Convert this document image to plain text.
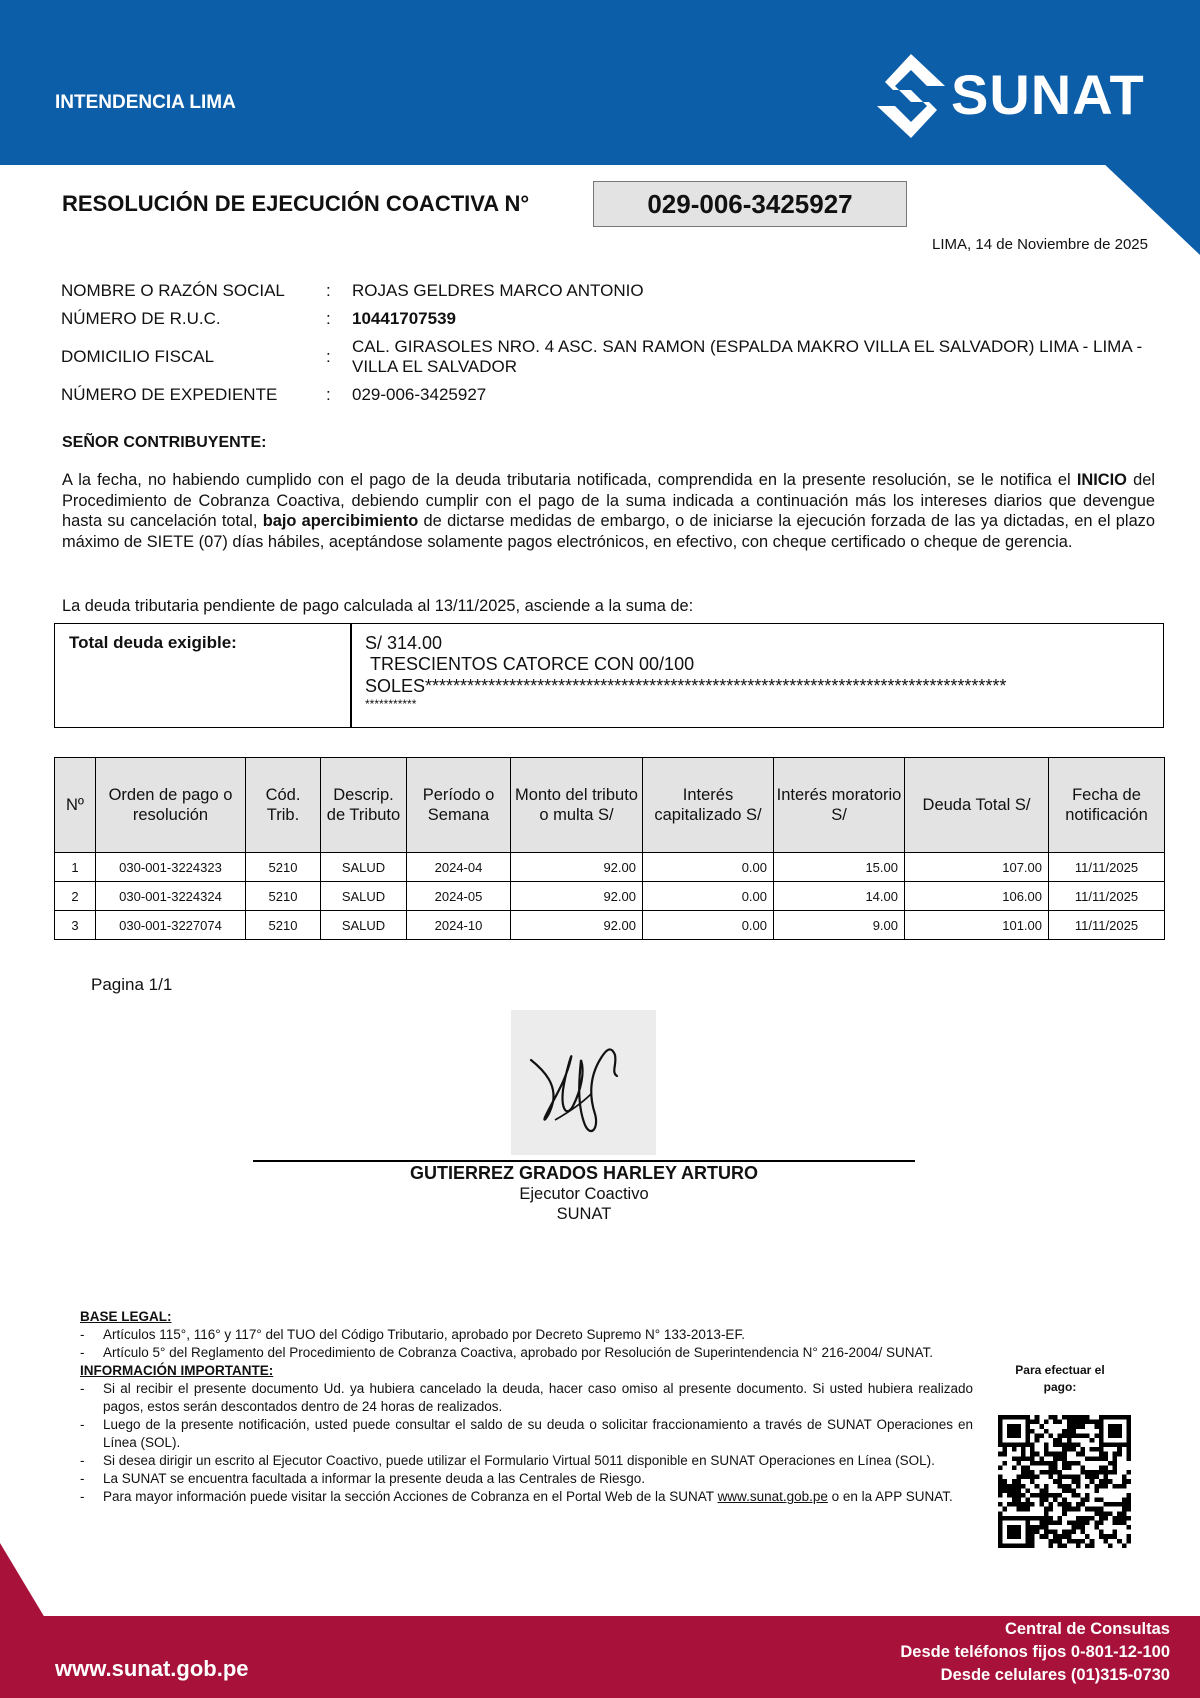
INTENDENCIA LIMA	SUNAT
RESOLUCIÓN DE EJECUCIÓN COACTIVA N°	029-006-3425927
LIMA, 14 de Noviembre de 2025
NOMBRE O RAZÓN SOCIAL : ROJAS GELDRES MARCO ANTONIO
NÚMERO DE R.U.C.	: 10441707539
DOMICILIO FISCAL	:
CAL. GIRASOLES NRO. 4 ASC. SAN RAMON (ESPALDA MAKRO VILLA EL SALVADOR) LIMA - LIMA - VILLA EL SALVADOR
NÚMERO DE EXPEDIENTE	: 029-006-3425927
SEÑOR CONTRIBUYENTE:
A la fecha, no habiendo cumplido con el pago de la deuda tributaria notificada, comprendida en la presente resolución, se le notifica el INICIO del Procedimiento de Cobranza Coactiva, debiendo cumplir con el pago de la suma indicada a continuación más los intereses diarios que devengue hasta su cancelación total, bajo apercibimiento de dictarse medidas de embargo, o de iniciarse la ejecución forzada de las ya dictadas, en el plazo máximo de SIETE (07) días hábiles, aceptándose solamente pagos electrónicos, en efectivo, con cheque certificado o cheque de gerencia.
La deuda tributaria pendiente de pago calculada al 13/11/2025, asciende a la suma de:
Total deuda exigible:	S/ 314.00
TRESCIENTOS CATORCE CON 00/100
SOLES***********************************************************************************
***********
Nº	Orden de pago o resolución	Cód. Trib.	Descrip. de Tributo	Período o Semana	Monto del tributo o multa S/	Interés capitalizado S/	Interés moratorio S/	Deuda Total S/	Fecha de notificación
1	030-001-3224323	5210	SALUD	2024-04	92.00	0.00	15.00	107.00	11/11/2025
2	030-001-3224324	5210	SALUD	2024-05	92.00	0.00	14.00	106.00	11/11/2025
3	030-001-3227074	5210	SALUD	2024-10	92.00	0.00	9.00	101.00	11/11/2025
Pagina 1/1
GUTIERREZ GRADOS HARLEY ARTURO
Ejecutor Coactivo
SUNAT
BASE LEGAL:
- Artículos 115°, 116° y 117° del TUO del Código Tributario, aprobado por Decreto Supremo N° 133-2013-EF.
- Artículo 5° del Reglamento del Procedimiento de Cobranza Coactiva, aprobado por Resolución de Superintendencia N° 216-2004/ SUNAT.
INFORMACIÓN IMPORTANTE:
- Si al recibir el presente documento Ud. ya hubiera cancelado la deuda, hacer caso omiso al presente documento. Si usted hubiera realizado pagos, estos serán descontados dentro de 24 horas de realizados.
- Luego de la presente notificación, usted puede consultar el saldo de su deuda o solicitar fraccionamiento a través de SUNAT Operaciones en Línea (SOL).
- Si desea dirigir un escrito al Ejecutor Coactivo, puede utilizar el Formulario Virtual 5011 disponible en SUNAT Operaciones en Línea (SOL).
- La SUNAT se encuentra facultada a informar la presente deuda a las Centrales de Riesgo.
- Para mayor información puede visitar la sección Acciones de Cobranza en el Portal Web de la SUNAT www.sunat.gob.pe o en la APP SUNAT.
Para efectuar el pago:
www.sunat.gob.pe
Central de Consultas
Desde teléfonos fijos 0-801-12-100
Desde celulares (01)315-0730
